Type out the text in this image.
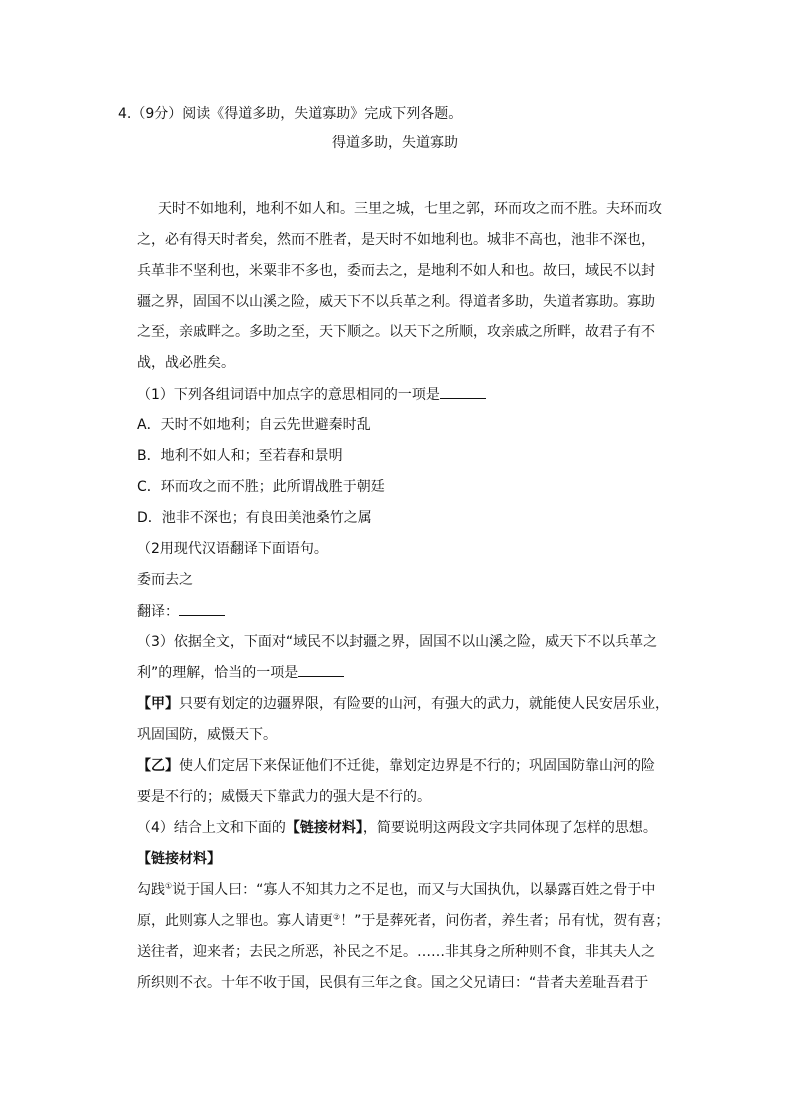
4.（9分）阅读《得道多助，失道寡助》完成下列各题。
得道多助，失道寡助
天时不如地利，地利不如人和。三里之城，七里之郭，环而攻之而不胜。夫环而攻
之，必有得天时者矣，然而不胜者，是天时不如地利也。城非不高也，池非不深也，
兵革非不坚利也，米粟非不多也，委而去之，是地利不如人和也。故曰，域民不以封
疆之界，固国不以山溪之险，威天下不以兵革之利。得道者多助，失道者寡助。寡助
之至，亲戚畔之。多助之至，天下顺之。以天下之所顺，攻亲戚之所畔，故君子有不
战，战必胜矣。
（1）下列各组词语中加点字的意思相同的一项是
A．天时不如地利；自云先世避秦时乱
B．地利不如人和；至若春和景明
C．环而攻之而不胜；此所谓战胜于朝廷
D．池非不深也；有良田美池桑竹之属
（2用现代汉语翻译下面语句。
委而去之
翻译：
（3）依据全文，下面对“域民不以封疆之界，固国不以山溪之险，威天下不以兵革之
利”的理解，恰当的一项是
【甲】只要有划定的边疆界限，有险要的山河，有强大的武力，就能使人民安居乐业，
巩固国防，威慑天下。
【乙】使人们定居下来保证他们不迁徙，靠划定边界是不行的；巩固国防靠山河的险
要是不行的；威慑天下靠武力的强大是不行的。
（4）结合上文和下面的【链接材料】，简要说明这两段文字共同体现了怎样的思想。
【链接材料】
勾践①说于国人曰：“寡人不知其力之不足也，而又与大国执仇，以暴露百姓之骨于中
原，此则寡人之罪也。寡人请更②！”于是葬死者，问伤者，养生者；吊有忧，贺有喜；
送往者，迎来者；去民之所恶，补民之不足。……非其身之所种则不食，非其夫人之
所织则不衣。十年不收于国，民俱有三年之食。国之父兄请曰：“昔者夫差耻吾君于
